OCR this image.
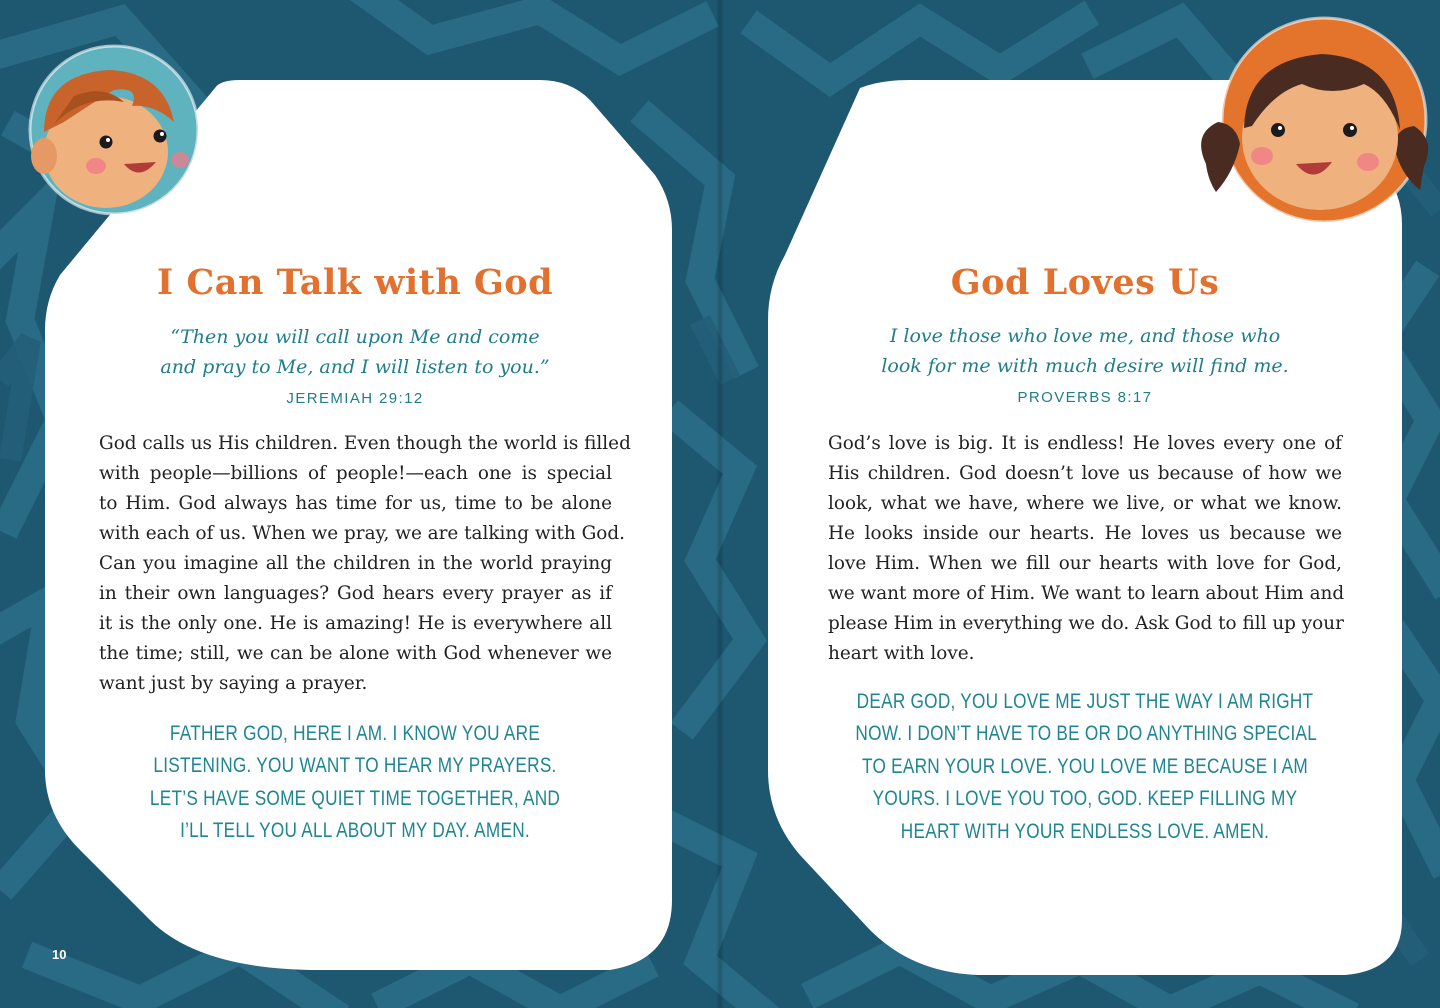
I Can Talk with God

“Then you will call upon Me and come
and pray to Me, and I will listen to you.”

JEREMIAH 29:12

God calls us His children. Even though the world is filled
with people—billions of people!—each one is special
to Him. God always has time for us, time to be alone
with each of us. When we pray, we are talking with God.
Can you imagine all the children in the world praying
in their own languages? God hears every prayer as if
it is the only one. He is amazing! He is everywhere all
the time; still, we can be alone with God whenever we
want just by saying a prayer.
FATHER GOD, HERE I AM. I KNOW YOU ARE
LISTENING. YOU WANT TO HEAR MY PRAYERS.
LET’S HAVE SOME QUIET TIME TOGETHER, AND
I’LL TELL YOU ALL ABOUT MY DAY. AMEN.

10

God Loves Us

I love those who love me, and those who
look for me with much desire will find me.

PROVERBS 8:17

God’s love is big. It is endless! He loves every one of
His children. God doesn’t love us because of how we
look, what we have, where we live, or what we know.
He looks inside our hearts. He loves us because we
love Him. When we fill our hearts with love for God,
we want more of Him. We want to learn about Him and
please Him in everything we do. Ask God to fill up your
heart with love.
DEAR GOD, YOU LOVE ME JUST THE WAY I AM RIGHT
NOW. I DON’T HAVE TO BE OR DO ANYTHING SPECIAL
TO EARN YOUR LOVE. YOU LOVE ME BECAUSE I AM
YOURS. I LOVE YOU TOO, GOD. KEEP FILLING MY
HEART WITH YOUR ENDLESS LOVE. AMEN.

11
